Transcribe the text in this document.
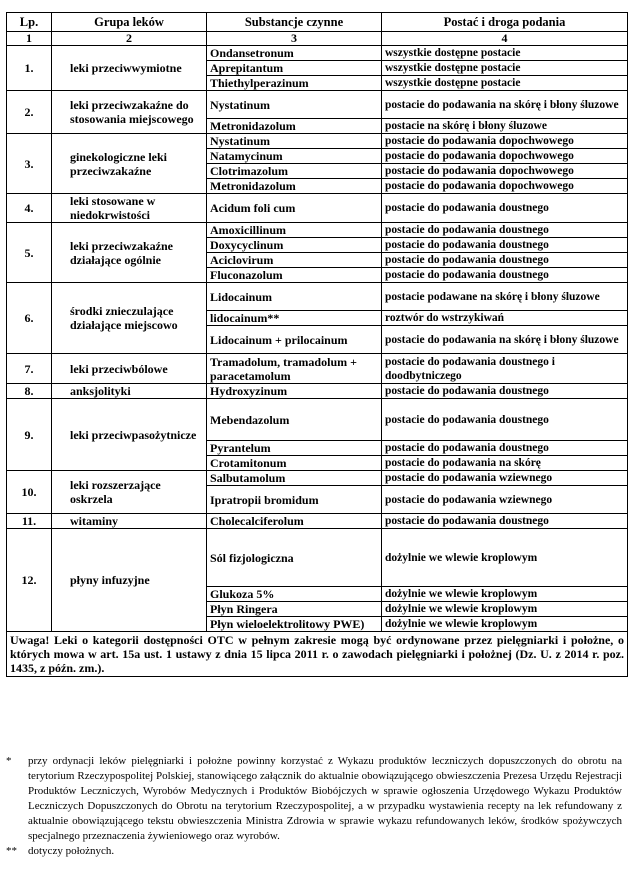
Lp.	Grupa leków	Substancje czynne	Postać i droga podania
1	2	3	4
1.	leki przeciwwymiotne	Ondansetronum	wszystkie dostępne postacie
		Aprepitantum	wszystkie dostępne postacie
		Thiethylperazinum	wszystkie dostępne postacie
2.	leki przeciwzakaźne do stosowania miejscowego	Nystatinum	postacie do podawania na skórę i błony śluzowe
		Metronidazolum	postacie na skórę i błony śluzowe
3.	ginekologiczne leki przeciwzakaźne	Nystatinum	postacie do podawania dopochwowego
		Natamycinum	postacie do podawania dopochwowego
		Clotrimazolum	postacie do podawania dopochwowego
		Metronidazolum	postacie do podawania dopochwowego
4.	leki stosowane w niedokrwistości	Acidum foli cum	postacie do podawania doustnego
5.	leki przeciwzakaźne działające ogólnie	Amoxicillinum	postacie do podawania doustnego
		Doxycyclinum	postacie do podawania doustnego
		Aciclovirum	postacie do podawania doustnego
		Fluconazolum	postacie do podawania doustnego
6.	środki znieczulające działające miejscowo	Lidocainum	postacie podawane na skórę i błony śluzowe
		lidocainum**	roztwór do wstrzykiwań
		Lidocainum + prilocainum	postacie do podawania na skórę i błony śluzowe
7.	leki przeciwbólowe	Tramadolum, tramadolum + paracetamolum	postacie do podawania doustnego i doodbytniczego
8.	anksjolityki	Hydroxyzinum	postacie do podawania doustnego
9.	leki przeciwpasożytnicze	Mebendazolum	postacie do podawania doustnego
		Pyrantelum	postacie do podawania doustnego
		Crotamitonum	postacie do podawania na skórę
10.	leki rozszerzające oskrzela	Salbutamolum	postacie do podawania wziewnego
		Ipratropii bromidum	postacie do podawania wziewnego
11.	witaminy	Cholecalciferolum	postacie do podawania doustnego
12.	płyny infuzyjne	Sól fizjologiczna	dożylnie we wlewie kroplowym
		Glukoza 5%	dożylnie we wlewie kroplowym
		Płyn Ringera	dożylnie we wlewie kroplowym
		Płyn wieloelektrolitowy PWE)	dożylnie we wlewie kroplowym
Uwaga! Leki o kategorii dostępności OTC w pełnym zakresie mogą być ordynowane przez pielęgniarki i położne, o których mowa w art. 15a ust. 1 ustawy z dnia 15 lipca 2011 r. o zawodach pielęgniarki i położnej (Dz. U. z 2014 r. poz. 1435, z późn. zm.).			
*	przy ordynacji leków pielęgniarki i położne powinny korzystać z Wykazu produktów leczniczych dopuszczonych do obrotu na terytorium Rzeczypospolitej Polskiej, stanowiącego załącznik do aktualnie obowiązującego obwieszczenia Prezesa Urzędu Rejestracji Produktów Leczniczych, Wyrobów Medycznych i Produktów Biobójczych w sprawie ogłoszenia Urzędowego Wykazu Produktów Leczniczych Dopuszczonych do Obrotu na terytorium Rzeczypospolitej, a w przypadku wystawienia recepty na lek refundowany z aktualnie obowiązującego tekstu obwieszczenia Ministra Zdrowia w sprawie wykazu refundowanych leków, środków spożywczych specjalnego przeznaczenia żywieniowego oraz wyrobów.
**	dotyczy położnych.
